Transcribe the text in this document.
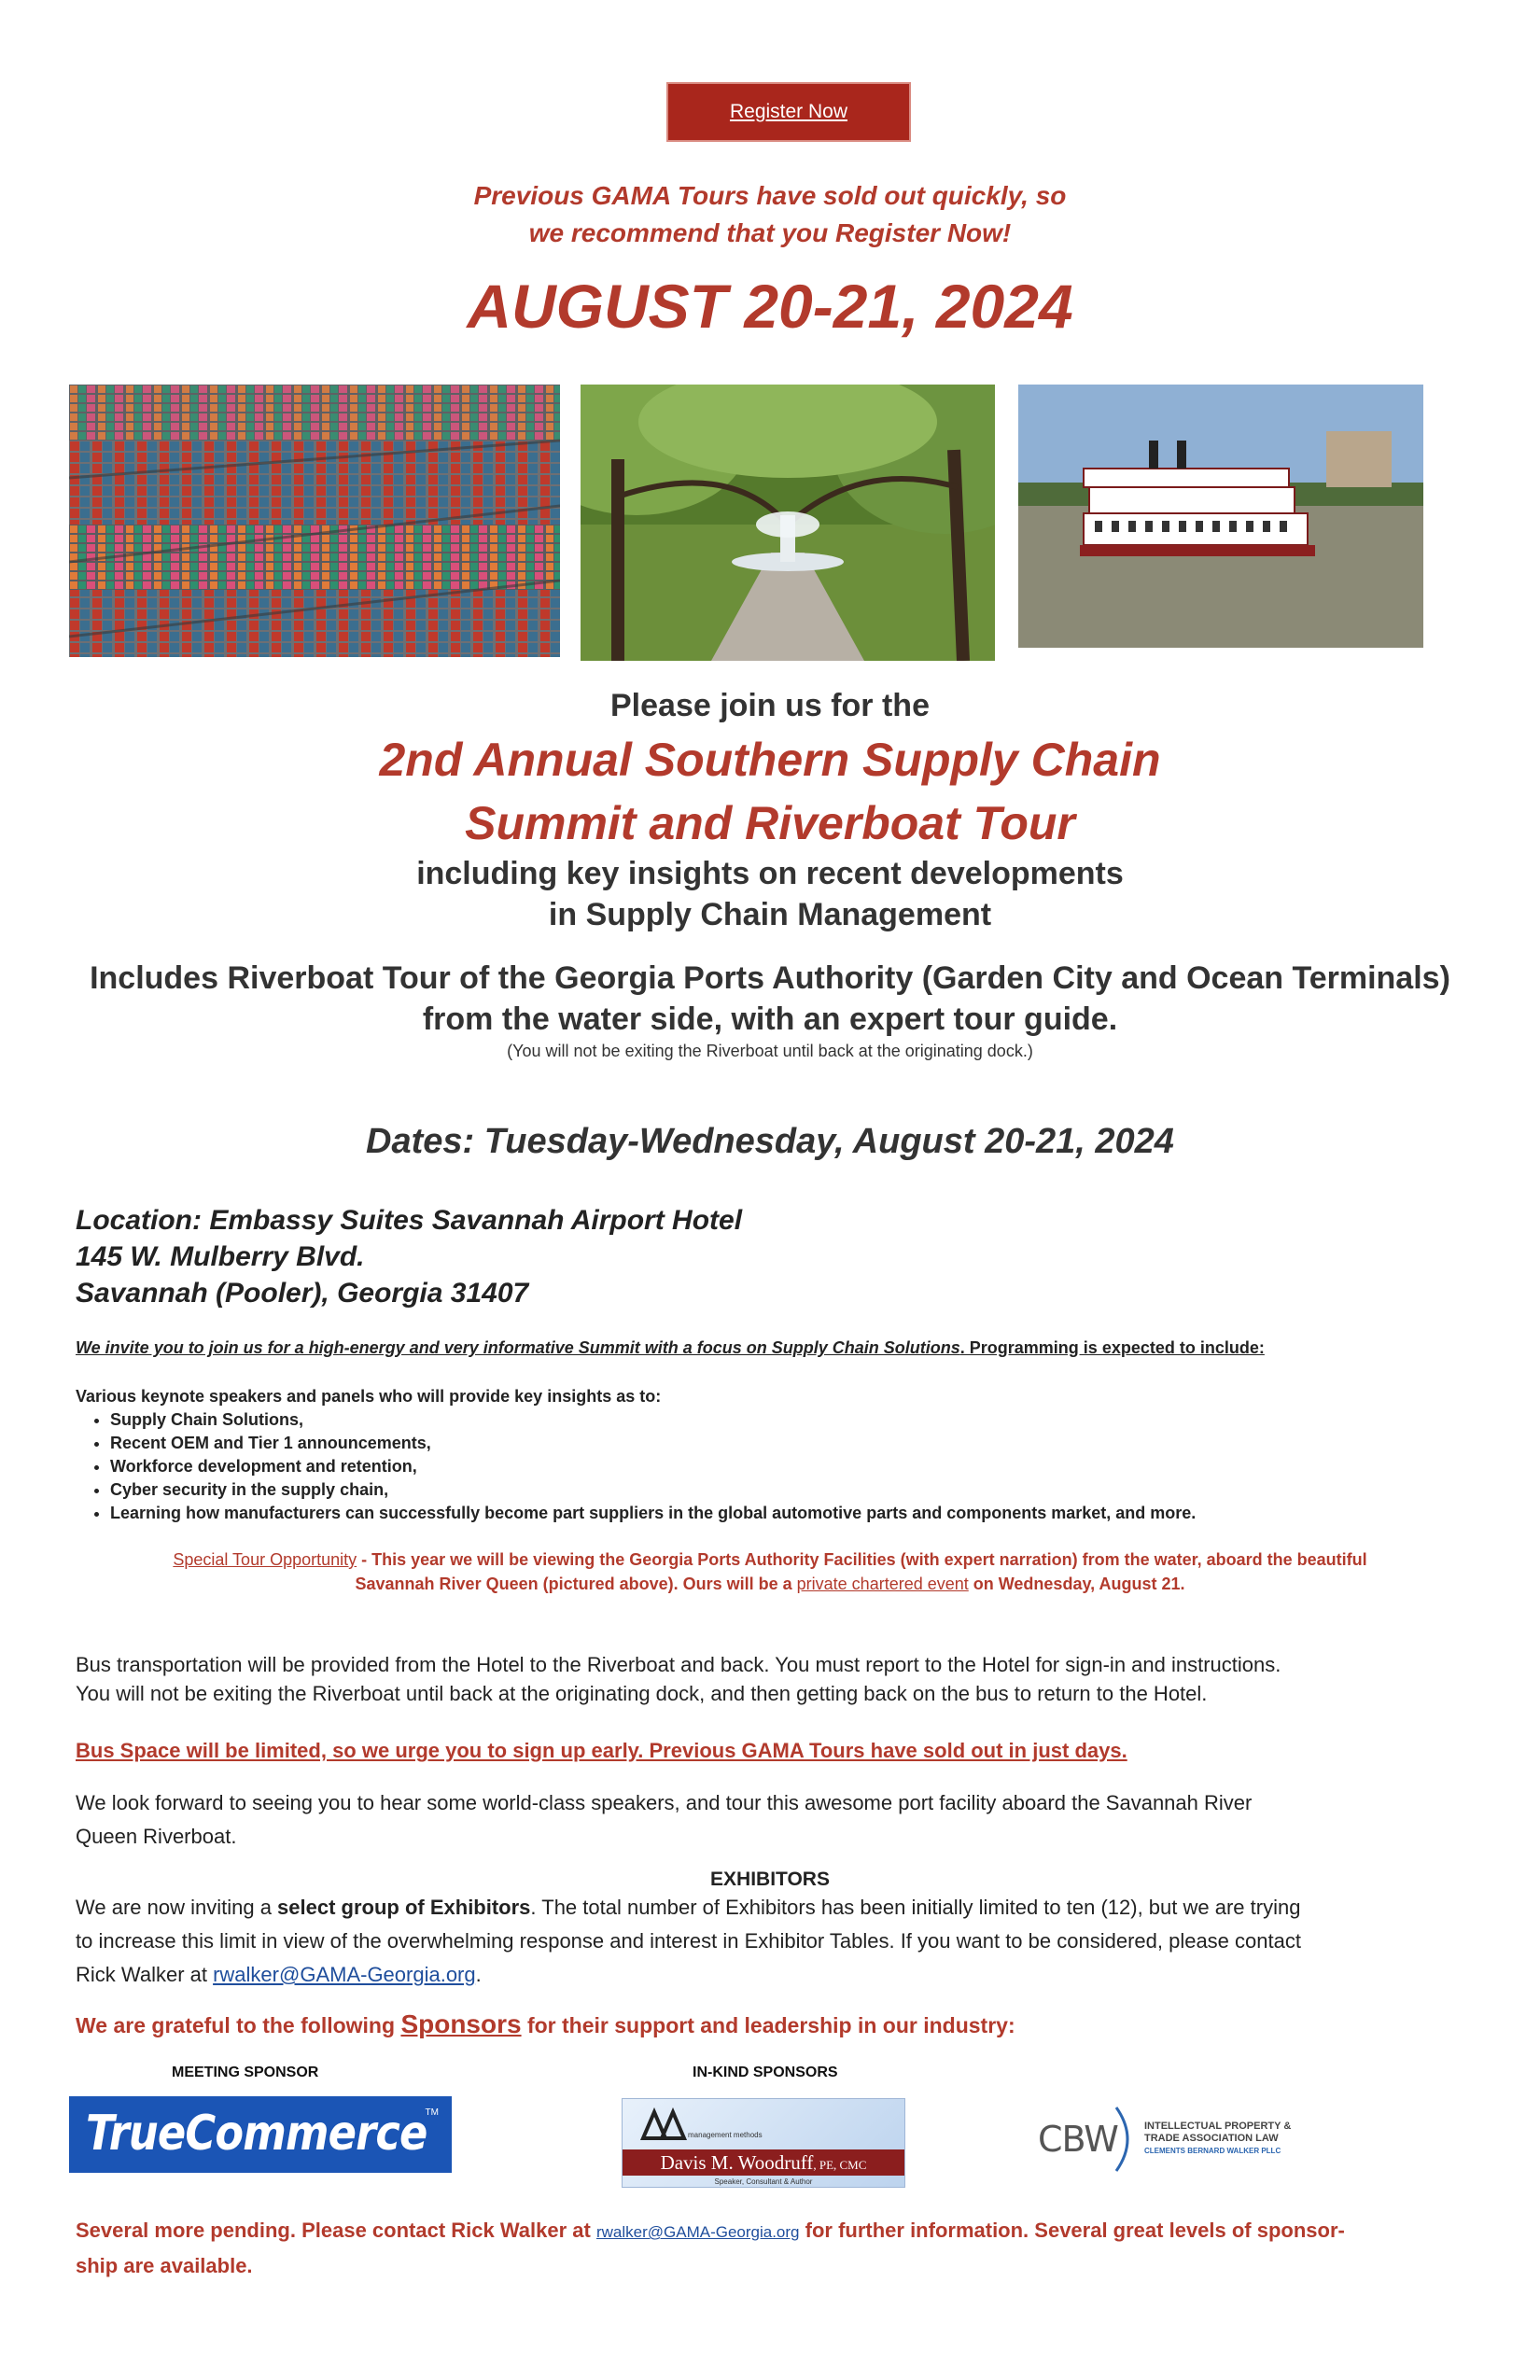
Register Now
Previous GAMA Tours have sold out quickly, so
we recommend that you Register Now!
AUGUST 20-21, 2024
Please join us for the
2nd Annual Southern Supply Chain
Summit and Riverboat Tour
including key insights on recent developments
in Supply Chain Management
Includes Riverboat Tour of the Georgia Ports Authority (Garden City and Ocean Terminals)
from the water side, with an expert tour guide.
(You will not be exiting the Riverboat until back at the originating dock.)
Dates: Tuesday-Wednesday, August 20-21, 2024
Location: Embassy Suites Savannah Airport Hotel
145 W. Mulberry Blvd.
Savannah (Pooler), Georgia 31407
We invite you to join us for a high-energy and very informative Summit with a focus on Supply Chain Solutions. Programming is expected to include:
Various keynote speakers and panels who will provide key insights as to:
• Supply Chain Solutions,
• Recent OEM and Tier 1 announcements,
• Workforce development and retention,
• Cyber security in the supply chain,
• Learning how manufacturers can successfully become part suppliers in the global automotive parts and components market, and more.
Special Tour Opportunity - This year we will be viewing the Georgia Ports Authority Facilities (with expert narration) from the water, aboard the beautiful
Savannah River Queen (pictured above). Ours will be a private chartered event on Wednesday, August 21.
Bus transportation will be provided from the Hotel to the Riverboat and back. You must report to the Hotel for sign-in and instructions.
You will not be exiting the Riverboat until back at the originating dock, and then getting back on the bus to return to the Hotel.
Bus Space will be limited, so we urge you to sign up early. Previous GAMA Tours have sold out in just days.
We look forward to seeing you to hear some world-class speakers, and tour this awesome port facility aboard the Savannah River
Queen Riverboat.
EXHIBITORS
We are now inviting a select group of Exhibitors. The total number of Exhibitors has been initially limited to ten (12), but we are trying
to increase this limit in view of the overwhelming response and interest in Exhibitor Tables. If you want to be considered, please contact
Rick Walker at rwalker@GAMA-Georgia.org.
We are grateful to the following Sponsors for their support and leadership in our industry:
MEETING SPONSOR	IN-KIND SPONSORS
TrueCommerce
TM
management methods
Davis M. Woodruff, PE, CMC
Speaker, Consultant & Author
CBW	INTELLECTUAL PROPERTY &
TRADE ASSOCIATION LAW
CLEMENTS BERNARD WALKER PLLC
Several more pending. Please contact Rick Walker at rwalker@GAMA-Georgia.org for further information. Several great levels of sponsor-
ship are available.
